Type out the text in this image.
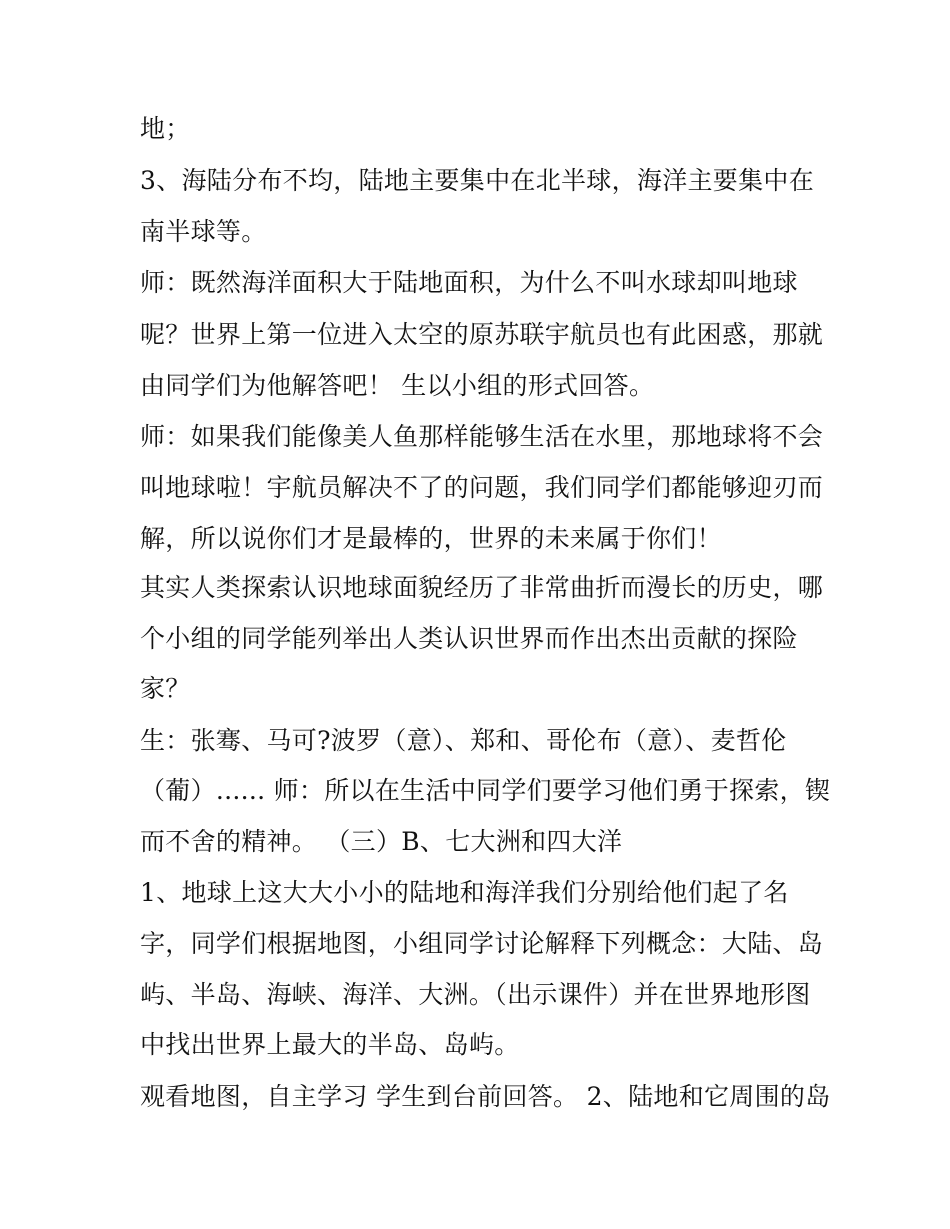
地；
3、海陆分布不均，陆地主要集中在北半球，海洋主要集中在
南半球等。
师：既然海洋面积大于陆地面积，为什么不叫水球却叫地球
呢？世界上第一位进入太空的原苏联宇航员也有此困惑，那就
由同学们为他解答吧！ 生以小组的形式回答。
师：如果我们能像美人鱼那样能够生活在水里，那地球将不会
叫地球啦！宇航员解决不了的问题，我们同学们都能够迎刃而
解，所以说你们才是最棒的，世界的未来属于你们！
其实人类探索认识地球面貌经历了非常曲折而漫长的历史，哪
个小组的同学能列举出人类认识世界而作出杰出贡献的探险
家？
生：张骞、马可?波罗（意）、郑和、哥伦布（意）、麦哲伦
（葡）...... 师：所以在生活中同学们要学习他们勇于探索，锲
而不舍的精神。 （三）B、七大洲和四大洋
1、地球上这大大小小的陆地和海洋我们分别给他们起了名
字，同学们根据地图，小组同学讨论解释下列概念：大陆、岛
屿、半岛、海峡、海洋、大洲。（出示课件）并在世界地形图
中找出世界上最大的半岛、岛屿。
观看地图，自主学习 学生到台前回答。 2、陆地和它周围的岛
